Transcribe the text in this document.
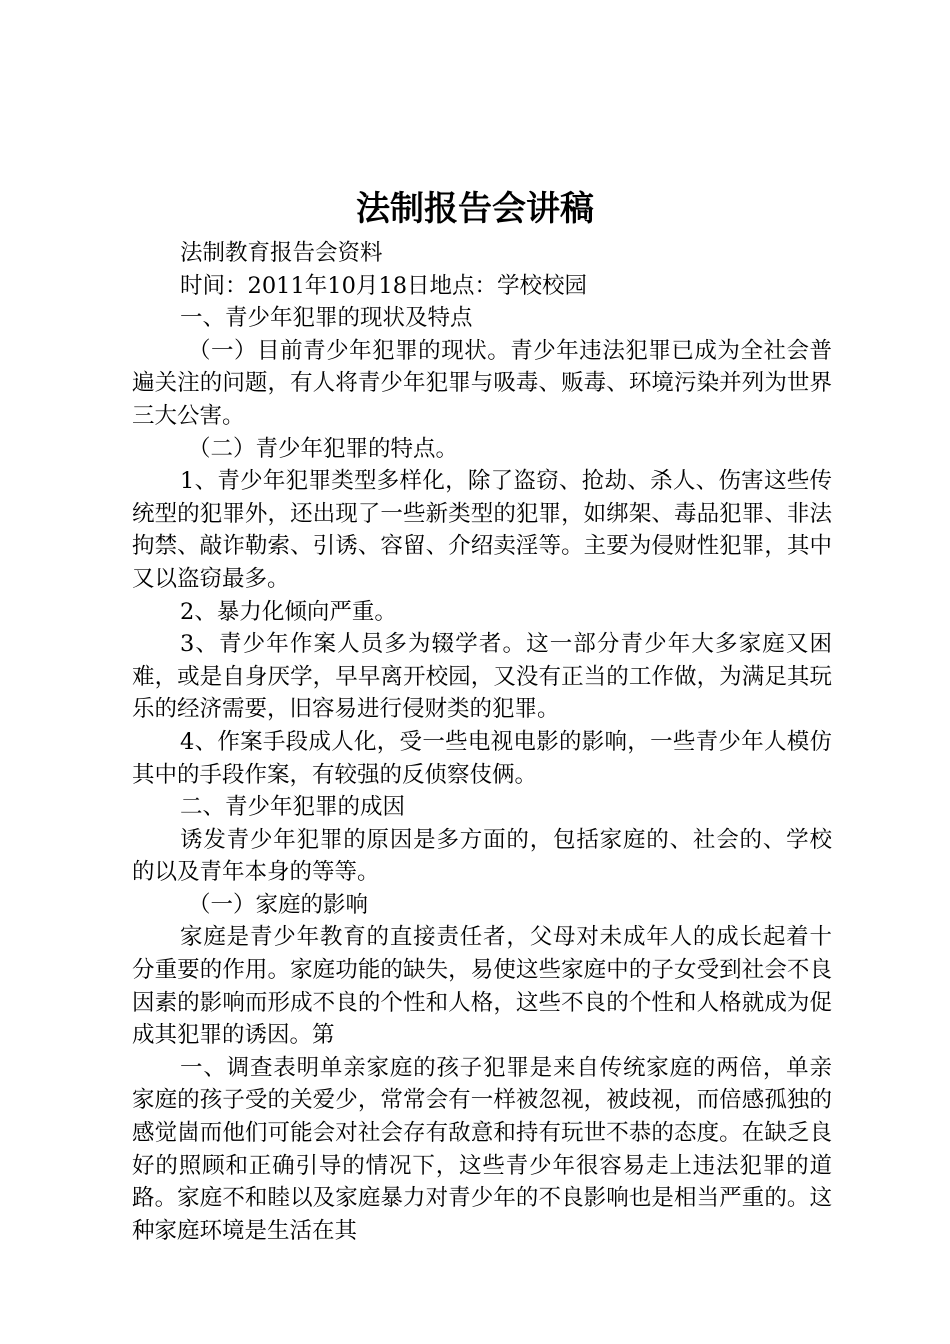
法制报告会讲稿

法制教育报告会资料

时间：2011年10月18日地点：学校校园

一、青少年犯罪的现状及特点

（一）目前青少年犯罪的现状。青少年违法犯罪已成为全社会普遍关注的问题，有人将青少年犯罪与吸毒、贩毒、环境污染并列为世界三大公害。

（二）青少年犯罪的特点。

1、青少年犯罪类型多样化，除了盗窃、抢劫、杀人、伤害这些传统型的犯罪外，还出现了一些新类型的犯罪，如绑架、毒品犯罪、非法拘禁、敲诈勒索、引诱、容留、介绍卖淫等。主要为侵财性犯罪，其中又以盗窃最多。

2、暴力化倾向严重。

3、青少年作案人员多为辍学者。这一部分青少年大多家庭又困难，或是自身厌学，早早离开校园，又没有正当的工作做，为满足其玩乐的经济需要，旧容易进行侵财类的犯罪。

4、作案手段成人化，受一些电视电影的影响，一些青少年人模仿其中的手段作案，有较强的反侦察伎俩。

二、青少年犯罪的成因

诱发青少年犯罪的原因是多方面的，包括家庭的、社会的、学校的以及青年本身的等等。

（一）家庭的影响

家庭是青少年教育的直接责任者，父母对未成年人的成长起着十分重要的作用。家庭功能的缺失，易使这些家庭中的子女受到社会不良因素的影响而形成不良的个性和人格，这些不良的个性和人格就成为促成其犯罪的诱因。第

一、调查表明单亲家庭的孩子犯罪是来自传统家庭的两倍，单亲家庭的孩子受的关爱少，常常会有一样被忽视，被歧视，而倍感孤独的感觉崮而他们可能会对社会存有敌意和持有玩世不恭的态度。在缺乏良好的照顾和正确引导的情况下，这些青少年很容易走上违法犯罪的道路。家庭不和睦以及家庭暴力对青少年的不良影响也是相当严重的。这种家庭环境是生活在其
